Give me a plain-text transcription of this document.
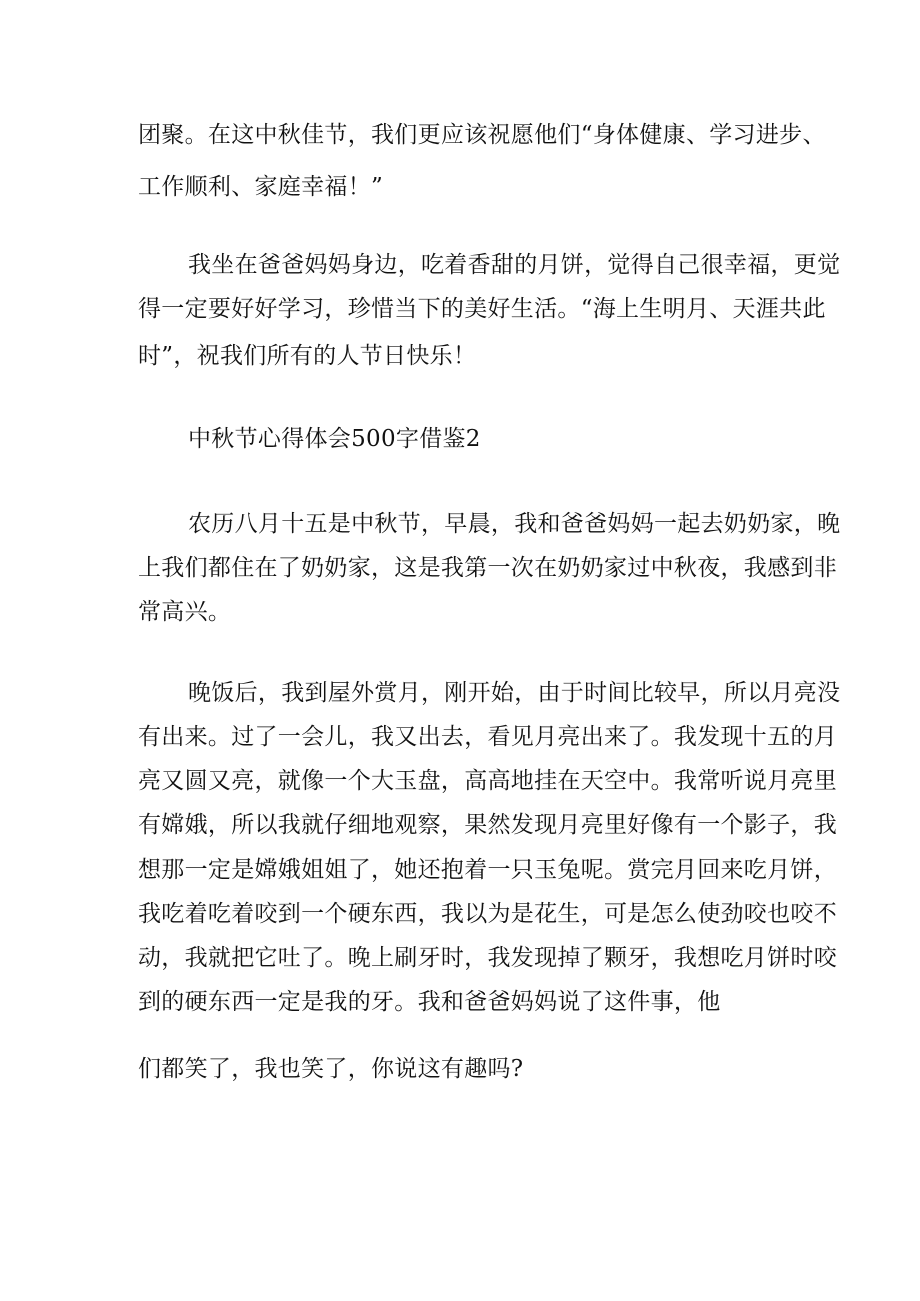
团聚。在这中秋佳节，我们更应该祝愿他们“身体健康、学习进步、
工作顺利、家庭幸福！”
我坐在爸爸妈妈身边，吃着香甜的月饼，觉得自己很幸福，更觉
得一定要好好学习，珍惜当下的美好生活。“海上生明月、天涯共此
时”，祝我们所有的人节日快乐！
中秋节心得体会500字借鉴2
农历八月十五是中秋节，早晨，我和爸爸妈妈一起去奶奶家，晚
上我们都住在了奶奶家，这是我第一次在奶奶家过中秋夜，我感到非
常高兴。
晚饭后，我到屋外赏月，刚开始，由于时间比较早，所以月亮没
有出来。过了一会儿，我又出去，看见月亮出来了。我发现十五的月
亮又圆又亮，就像一个大玉盘，高高地挂在天空中。我常听说月亮里
有嫦娥，所以我就仔细地观察，果然发现月亮里好像有一个影子，我
想那一定是嫦娥姐姐了，她还抱着一只玉兔呢。赏完月回来吃月饼，
我吃着吃着咬到一个硬东西，我以为是花生，可是怎么使劲咬也咬不
动，我就把它吐了。晚上刷牙时，我发现掉了颗牙，我想吃月饼时咬
到的硬东西一定是我的牙。我和爸爸妈妈说了这件事，他
们都笑了，我也笑了，你说这有趣吗?
